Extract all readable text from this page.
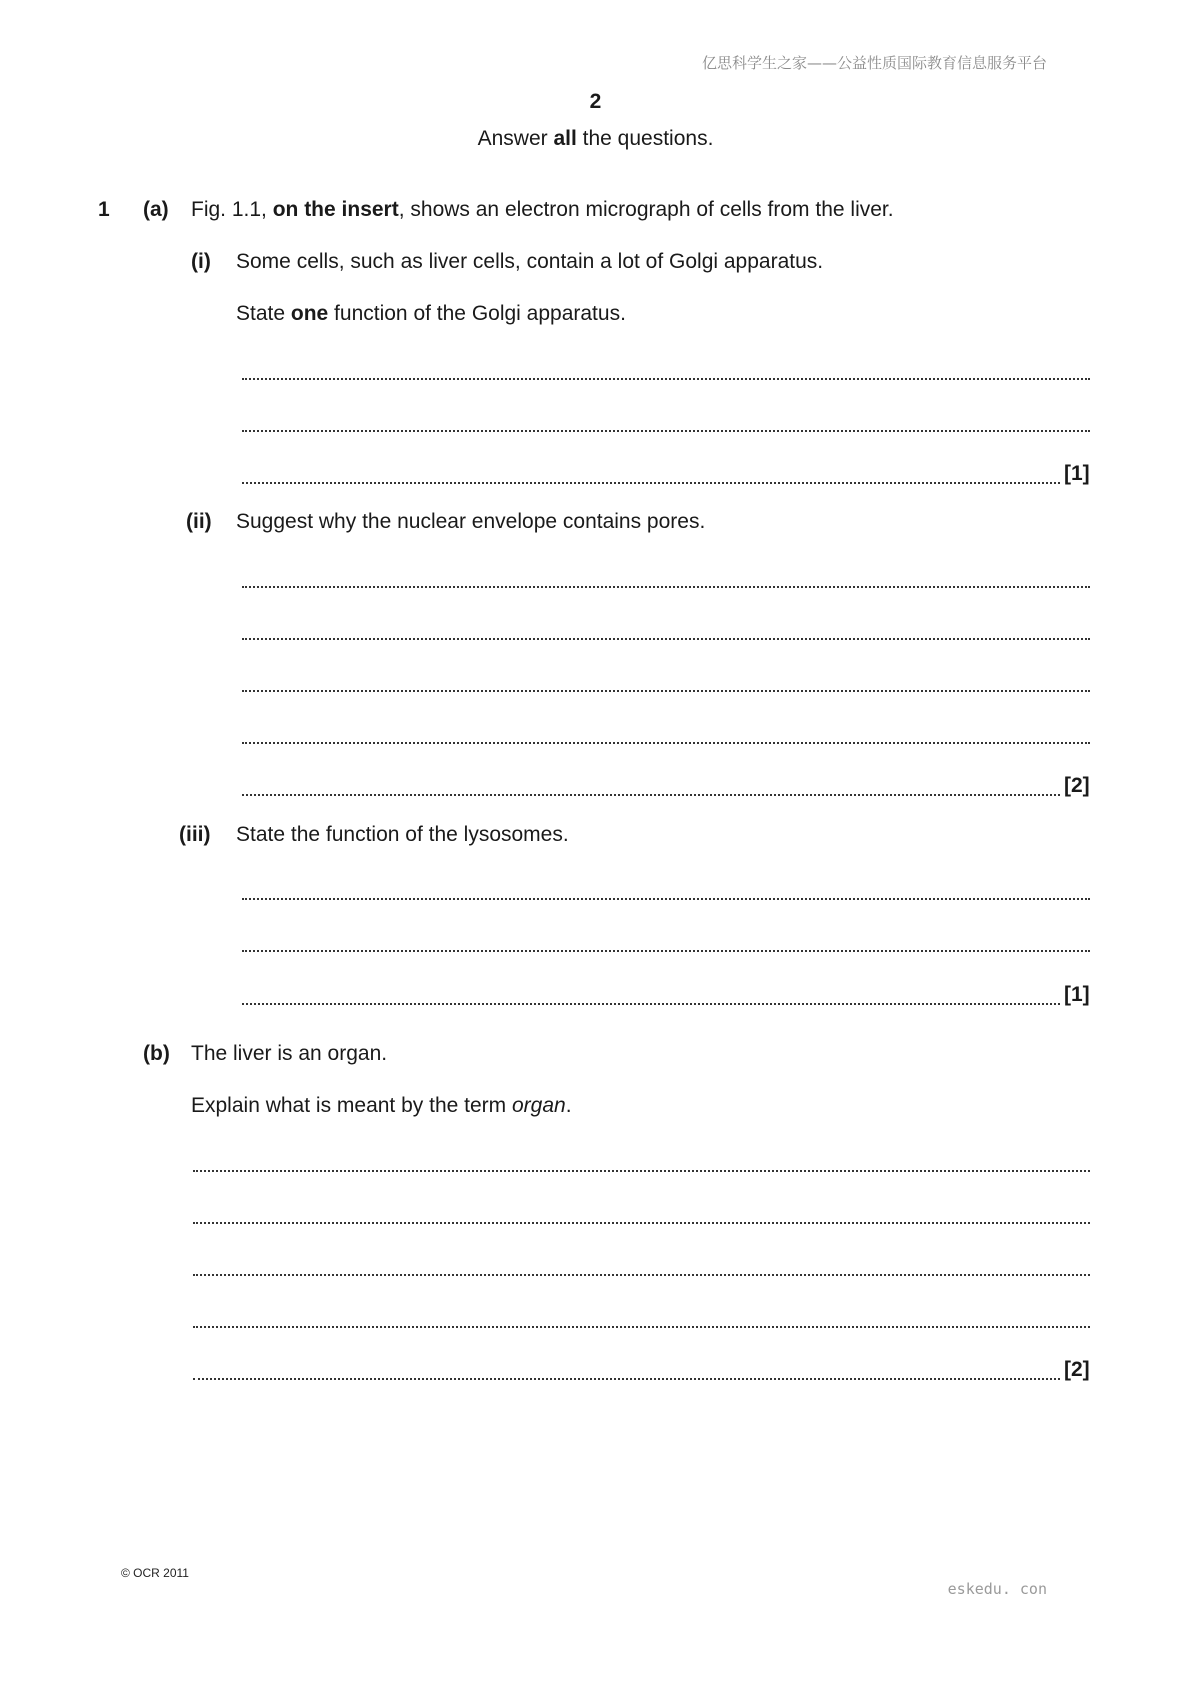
亿思科学生之家——公益性质国际教育信息服务平台
2
Answer all the questions.
1 (a) Fig. 1.1, on the insert, shows an electron micrograph of cells from the liver.
(i) Some cells, such as liver cells, contain a lot of Golgi apparatus.
State one function of the Golgi apparatus.
[1]
(ii) Suggest why the nuclear envelope contains pores.
[2]
(iii) State the function of the lysosomes.
[1]
(b) The liver is an organ.
Explain what is meant by the term organ.
[2]
© OCR 2011
eskedu. con
